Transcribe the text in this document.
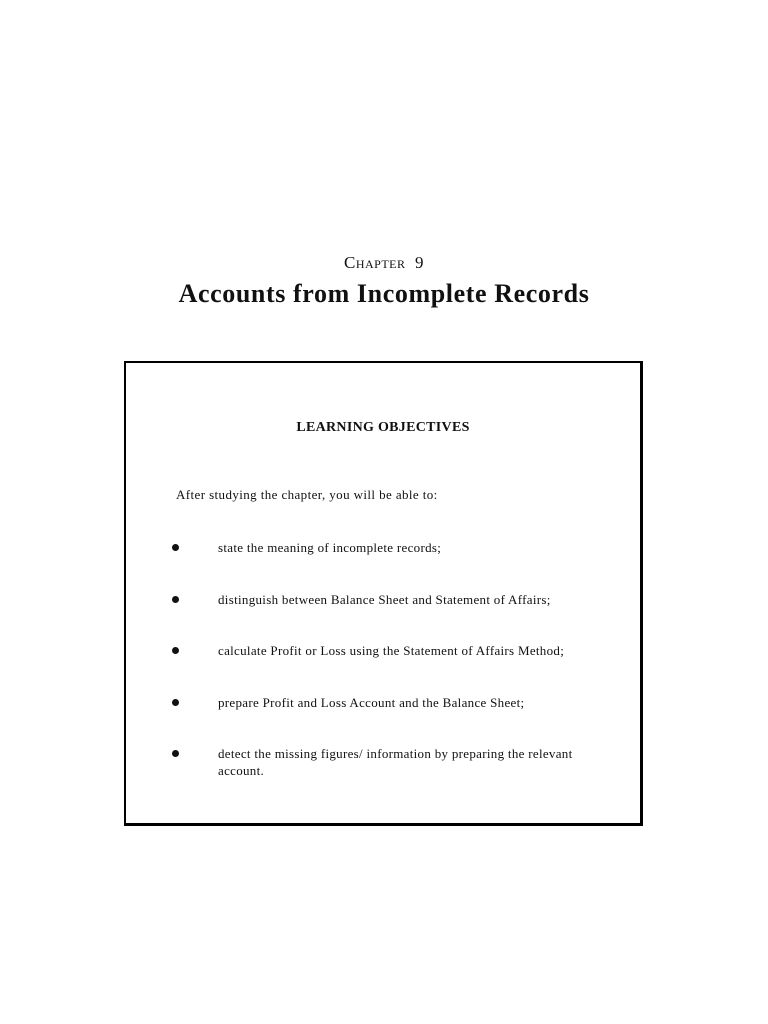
Chapter 9
Accounts from Incomplete Records
LEARNING OBJECTIVES
After studying the chapter, you will be able to:
state the meaning of incomplete records;
distinguish between Balance Sheet and Statement of Affairs;
calculate Profit or Loss using the Statement of Affairs Method;
prepare Profit and Loss Account and the Balance Sheet;
detect the missing figures/ information by preparing the relevant account.
